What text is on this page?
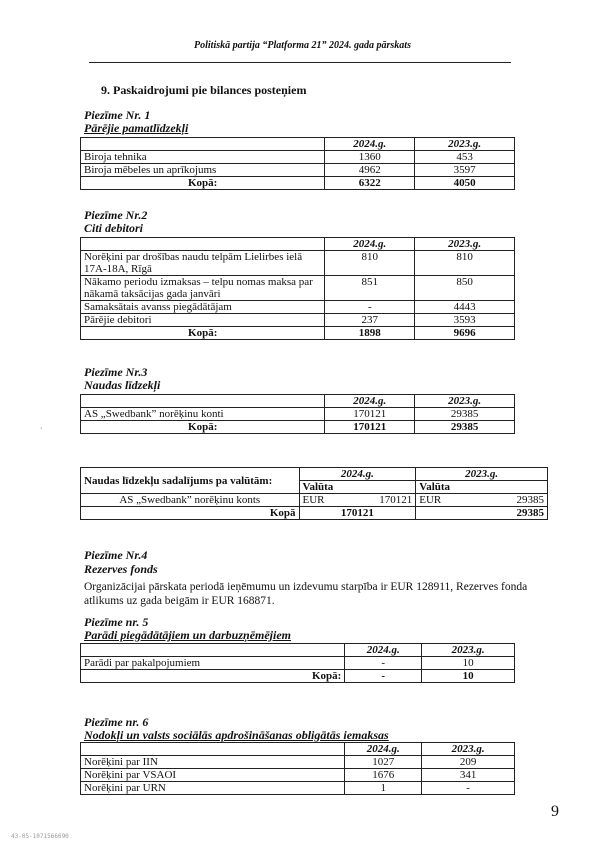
Politiskā partija “Platforma 21” 2024. gada pārskats
9. Paskaidrojumi pie bilances posteņiem
Piezīme Nr. 1
Pārējie pamatlīdzekļi
	2024.g.	2023.g.
Biroja tehnika	1360	453
Biroja mēbeles un aprīkojums	4962	3597
Kopā:	6322	4050
Piezīme Nr.2
Citi debitori
	2024.g.	2023.g.
Norēķini par drošības naudu telpām Lielirbes ielā 17A-18A, Rīgā	810	810
Nākamo periodu izmaksas – telpu nomas maksa par nākamā taksācijas gada janvāri	851	850
Samaksātais avanss piegādātājam	-	4443
Pārējie debitori	237	3593
Kopā:	1898	9696
Piezīme Nr.3
Naudas līdzekļi
	2024.g.	2023.g.
AS „Swedbank” norēķinu konti	170121	29385
Kopā:	170121	29385
Naudas līdzekļu sadalījums pa valūtām:	2024.g.	2023.g.
	Valūta	Valūta
AS „Swedbank” norēķinu konts	EUR 170121	EUR 29385

Kopā	170121	29385
Piezīme Nr.4
Rezerves fonds
Organizācijai pārskata periodā ieņēmumu un izdevumu starpība ir EUR 128911, Rezerves fonda atlikums uz gada beigām ir EUR 168871.
Piezīme nr. 5
Parādi piegādātājiem un darbuzņēmējiem
	2024.g.	2023.g.
Parādi par pakalpojumiem	-	10
Kopā:	-	10
Piezīme nr. 6
Nodokļi un valsts sociālās apdrošināšanas obligātās iemaksas
	2024.g.	2023.g.
Norēķini par IIN	1027	209
Norēķini par VSAOI	1676	341
Norēķini par URN	1	-
ˏ
9
43-05-1071566690
